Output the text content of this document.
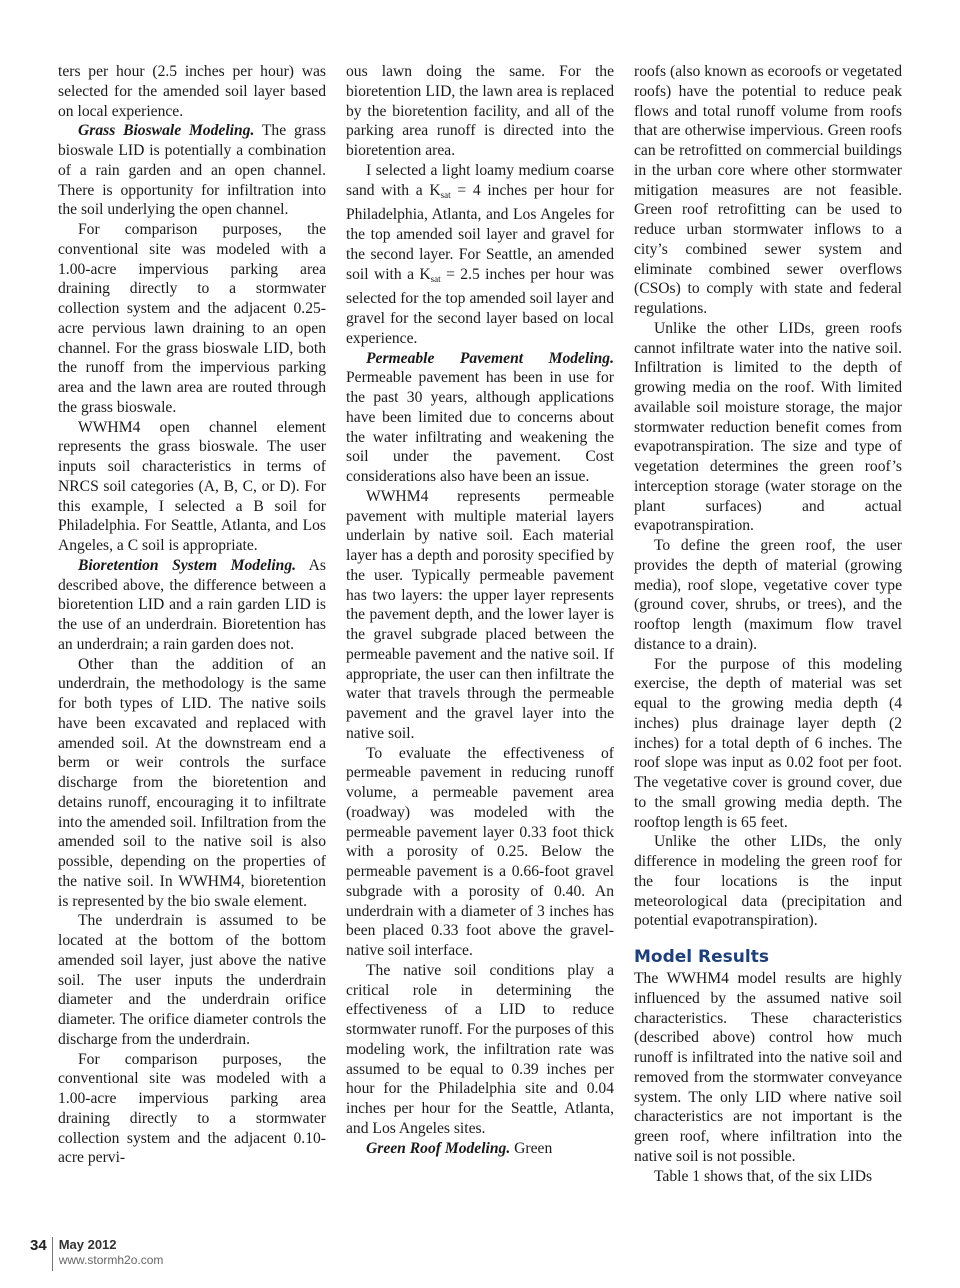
ters per hour (2.5 inches per hour) was selected for the amended soil layer based on local experience.

Grass Bioswale Modeling. The grass bioswale LID is potentially a combination of a rain garden and an open channel. There is opportunity for infiltration into the soil underlying the open channel.

For comparison purposes, the conventional site was modeled with a 1.00-acre impervious parking area draining directly to a stormwater collection system and the adjacent 0.25-acre pervious lawn draining to an open channel. For the grass bioswale LID, both the runoff from the impervious parking area and the lawn area are routed through the grass bioswale.

WWHM4 open channel element represents the grass bioswale. The user inputs soil characteristics in terms of NRCS soil categories (A, B, C, or D). For this example, I selected a B soil for Philadelphia. For Seattle, Atlanta, and Los Angeles, a C soil is appropriate.

Bioretention System Modeling. As described above, the difference between a bioretention LID and a rain garden LID is the use of an underdrain. Bioretention has an underdrain; a rain garden does not.

Other than the addition of an underdrain, the methodology is the same for both types of LID. The native soils have been excavated and replaced with amended soil. At the downstream end a berm or weir controls the surface discharge from the bioretention and detains runoff, encouraging it to infiltrate into the amended soil. Infiltration from the amended soil to the native soil is also possible, depending on the properties of the native soil. In WWHM4, bioretention is represented by the bio swale element.

The underdrain is assumed to be located at the bottom of the bottom amended soil layer, just above the native soil. The user inputs the underdrain diameter and the underdrain orifice diameter. The orifice diameter controls the discharge from the underdrain.

For comparison purposes, the conventional site was modeled with a 1.00-acre impervious parking area draining directly to a stormwater collection system and the adjacent 0.10-acre pervi-

ous lawn doing the same. For the bioretention LID, the lawn area is replaced by the bioretention facility, and all of the parking area runoff is directed into the bioretention area.

I selected a light loamy medium coarse sand with a $K_{sat} = 4$ inches per hour for Philadelphia, Atlanta, and Los Angeles for the top amended soil layer and gravel for the second layer. For Seattle, an amended soil with a $K_{sat} = 2.5$ inches per hour was selected for the top amended soil layer and gravel for the second layer based on local experience.

Permeable Pavement Modeling. Permeable pavement has been in use for the past 30 years, although applications have been limited due to concerns about the water infiltrating and weakening the soil under the pavement. Cost considerations also have been an issue.

WWHM4 represents permeable pavement with multiple material layers underlain by native soil. Each material layer has a depth and porosity specified by the user. Typically permeable pavement has two layers: the upper layer represents the pavement depth, and the lower layer is the gravel subgrade placed between the permeable pavement and the native soil. If appropriate, the user can then infiltrate the water that travels through the permeable pavement and the gravel layer into the native soil.

To evaluate the effectiveness of permeable pavement in reducing runoff volume, a permeable pavement area (roadway) was modeled with the permeable pavement layer 0.33 foot thick with a porosity of 0.25. Below the permeable pavement is a 0.66-foot gravel subgrade with a porosity of 0.40. An underdrain with a diameter of 3 inches has been placed 0.33 foot above the gravel-native soil interface.

The native soil conditions play a critical role in determining the effectiveness of a LID to reduce stormwater runoff. For the purposes of this modeling work, the infiltration rate was assumed to be equal to 0.39 inches per hour for the Philadelphia site and 0.04 inches per hour for the Seattle, Atlanta, and Los Angeles sites.

Green Roof Modeling. Green

roofs (also known as ecoroofs or vegetated roofs) have the potential to reduce peak flows and total runoff volume from roofs that are otherwise impervious. Green roofs can be retrofitted on commercial buildings in the urban core where other stormwater mitigation measures are not feasible. Green roof retrofitting can be used to reduce urban stormwater inflows to a city’s combined sewer system and eliminate combined sewer overflows (CSOs) to comply with state and federal regulations.

Unlike the other LIDs, green roofs cannot infiltrate water into the native soil. Infiltration is limited to the depth of growing media on the roof. With limited available soil moisture storage, the major stormwater reduction benefit comes from evapotranspiration. The size and type of vegetation determines the green roof’s interception storage (water storage on the plant surfaces) and actual evapotranspiration.

To define the green roof, the user provides the depth of material (growing media), roof slope, vegetative cover type (ground cover, shrubs, or trees), and the rooftop length (maximum flow travel distance to a drain).

For the purpose of this modeling exercise, the depth of material was set equal to the growing media depth (4 inches) plus drainage layer depth (2 inches) for a total depth of 6 inches. The roof slope was input as 0.02 foot per foot. The vegetative cover is ground cover, due to the small growing media depth. The rooftop length is 65 feet.

Unlike the other LIDs, the only difference in modeling the green roof for the four locations is the input meteorological data (precipitation and potential evapotranspiration).

Model Results

The WWHM4 model results are highly influenced by the assumed native soil characteristics. These characteristics (described above) control how much runoff is infiltrated into the native soil and removed from the stormwater conveyance system. The only LID where native soil characteristics are not important is the green roof, where infiltration into the native soil is not possible.

Table 1 shows that, of the six LIDs

34 May 2012
www.stormh2o.com
